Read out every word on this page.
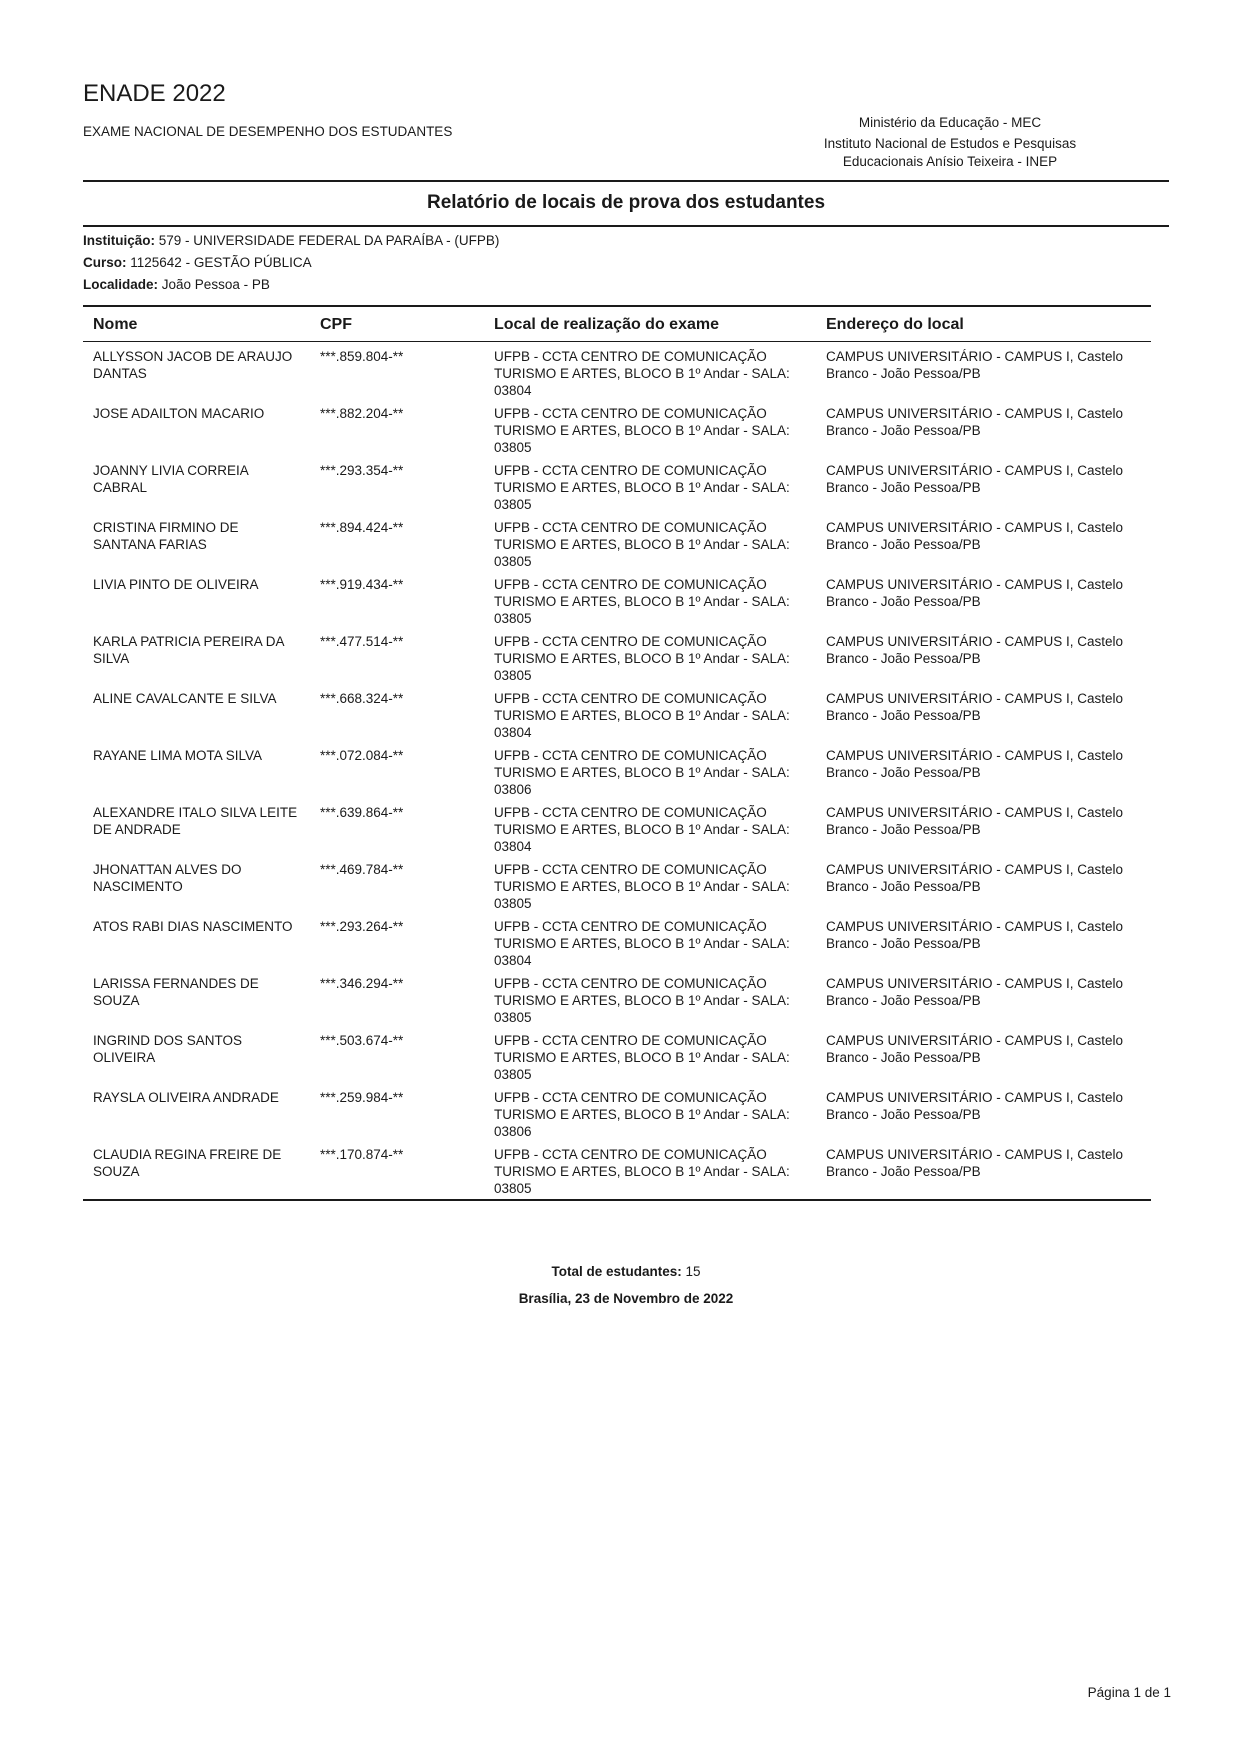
ENADE 2022
EXAME NACIONAL DE DESEMPENHO DOS ESTUDANTES
Ministério da Educação - MEC
Instituto Nacional de Estudos e Pesquisas
Educacionais Anísio Teixeira - INEP
Relatório de locais de prova dos estudantes
Instituição: 579 - UNIVERSIDADE FEDERAL DA PARAÍBA - (UFPB)
Curso: 1125642 - GESTÃO PÚBLICA
Localidade: João Pessoa - PB
Nome	CPF	Local de realização do exame	Endereço do local
ALLYSSON JACOB DE ARAUJO DANTAS	***.859.804-**	UFPB - CCTA CENTRO DE COMUNICAÇÃO TURISMO E ARTES, BLOCO B 1º Andar - SALA: 03804	CAMPUS UNIVERSITÁRIO - CAMPUS I, Castelo Branco - João Pessoa/PB
JOSE ADAILTON MACARIO	***.882.204-**	UFPB - CCTA CENTRO DE COMUNICAÇÃO TURISMO E ARTES, BLOCO B 1º Andar - SALA: 03805	CAMPUS UNIVERSITÁRIO - CAMPUS I, Castelo Branco - João Pessoa/PB
JOANNY LIVIA CORREIA CABRAL	***.293.354-**	UFPB - CCTA CENTRO DE COMUNICAÇÃO TURISMO E ARTES, BLOCO B 1º Andar - SALA: 03805	CAMPUS UNIVERSITÁRIO - CAMPUS I, Castelo Branco - João Pessoa/PB
CRISTINA FIRMINO DE SANTANA FARIAS	***.894.424-**	UFPB - CCTA CENTRO DE COMUNICAÇÃO TURISMO E ARTES, BLOCO B 1º Andar - SALA: 03805	CAMPUS UNIVERSITÁRIO - CAMPUS I, Castelo Branco - João Pessoa/PB
LIVIA PINTO DE OLIVEIRA	***.919.434-**	UFPB - CCTA CENTRO DE COMUNICAÇÃO TURISMO E ARTES, BLOCO B 1º Andar - SALA: 03805	CAMPUS UNIVERSITÁRIO - CAMPUS I, Castelo Branco - João Pessoa/PB
KARLA PATRICIA PEREIRA DA SILVA	***.477.514-**	UFPB - CCTA CENTRO DE COMUNICAÇÃO TURISMO E ARTES, BLOCO B 1º Andar - SALA: 03805	CAMPUS UNIVERSITÁRIO - CAMPUS I, Castelo Branco - João Pessoa/PB
ALINE CAVALCANTE E SILVA	***.668.324-**	UFPB - CCTA CENTRO DE COMUNICAÇÃO TURISMO E ARTES, BLOCO B 1º Andar - SALA: 03804	CAMPUS UNIVERSITÁRIO - CAMPUS I, Castelo Branco - João Pessoa/PB
RAYANE LIMA MOTA SILVA	***.072.084-**	UFPB - CCTA CENTRO DE COMUNICAÇÃO TURISMO E ARTES, BLOCO B 1º Andar - SALA: 03806	CAMPUS UNIVERSITÁRIO - CAMPUS I, Castelo Branco - João Pessoa/PB
ALEXANDRE ITALO SILVA LEITE DE ANDRADE	***.639.864-**	UFPB - CCTA CENTRO DE COMUNICAÇÃO TURISMO E ARTES, BLOCO B 1º Andar - SALA: 03804	CAMPUS UNIVERSITÁRIO - CAMPUS I, Castelo Branco - João Pessoa/PB
JHONATTAN ALVES DO NASCIMENTO	***.469.784-**	UFPB - CCTA CENTRO DE COMUNICAÇÃO TURISMO E ARTES, BLOCO B 1º Andar - SALA: 03805	CAMPUS UNIVERSITÁRIO - CAMPUS I, Castelo Branco - João Pessoa/PB
ATOS RABI DIAS NASCIMENTO	***.293.264-**	UFPB - CCTA CENTRO DE COMUNICAÇÃO TURISMO E ARTES, BLOCO B 1º Andar - SALA: 03804	CAMPUS UNIVERSITÁRIO - CAMPUS I, Castelo Branco - João Pessoa/PB
LARISSA FERNANDES DE SOUZA	***.346.294-**	UFPB - CCTA CENTRO DE COMUNICAÇÃO TURISMO E ARTES, BLOCO B 1º Andar - SALA: 03805	CAMPUS UNIVERSITÁRIO - CAMPUS I, Castelo Branco - João Pessoa/PB
INGRIND DOS SANTOS OLIVEIRA	***.503.674-**	UFPB - CCTA CENTRO DE COMUNICAÇÃO TURISMO E ARTES, BLOCO B 1º Andar - SALA: 03805	CAMPUS UNIVERSITÁRIO - CAMPUS I, Castelo Branco - João Pessoa/PB
RAYSLA OLIVEIRA ANDRADE	***.259.984-**	UFPB - CCTA CENTRO DE COMUNICAÇÃO TURISMO E ARTES, BLOCO B 1º Andar - SALA: 03806	CAMPUS UNIVERSITÁRIO - CAMPUS I, Castelo Branco - João Pessoa/PB
CLAUDIA REGINA FREIRE DE SOUZA	***.170.874-**	UFPB - CCTA CENTRO DE COMUNICAÇÃO TURISMO E ARTES, BLOCO B 1º Andar - SALA: 03805	CAMPUS UNIVERSITÁRIO - CAMPUS I, Castelo Branco - João Pessoa/PB
Total de estudantes: 15
Brasília, 23 de Novembro de 2022
Página 1 de 1
